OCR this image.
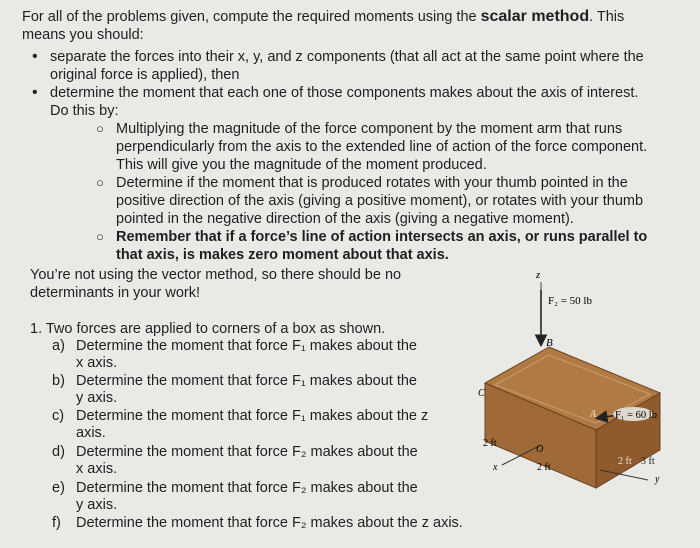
For all of the problems given, compute the required moments using the scalar method. This
means you should:
• separate the forces into their x, y, and z components (that all act at the same point where the
original force is applied), then
• determine the moment that each one of those components makes about the axis of interest.
Do this by:
○ Multiplying the magnitude of the force component by the moment arm that runs
perpendicularly from the axis to the extended line of action of the force component.
This will give you the magnitude of the moment produced.
○ Determine if the moment that is produced rotates with your thumb pointed in the
positive direction of the axis (giving a positive moment), or rotates with your thumb
pointed in the negative direction of the axis (giving a negative moment).
○ Remember that if a force’s line of action intersects an axis, or runs parallel to
that axis, is makes zero moment about that axis.
You’re not using the vector method, so there should be no
determinants in your work!
1. Two forces are applied to corners of a box as shown.
a) Determine the moment that force F₁ makes about the
x axis.
b) Determine the moment that force F₁ makes about the
y axis.
c) Determine the moment that force F₁ makes about the z
axis.
d) Determine the moment that force F₂ makes about the
x axis.
e) Determine the moment that force F₂ makes about the
y axis.
f) Determine the moment that force F₂ makes about the z axis.
z
F₂ = 50 lb
B
F₁ = 60 lb
A
x
y
O
C
2 ft
2 ft
2 ft 3 ft
